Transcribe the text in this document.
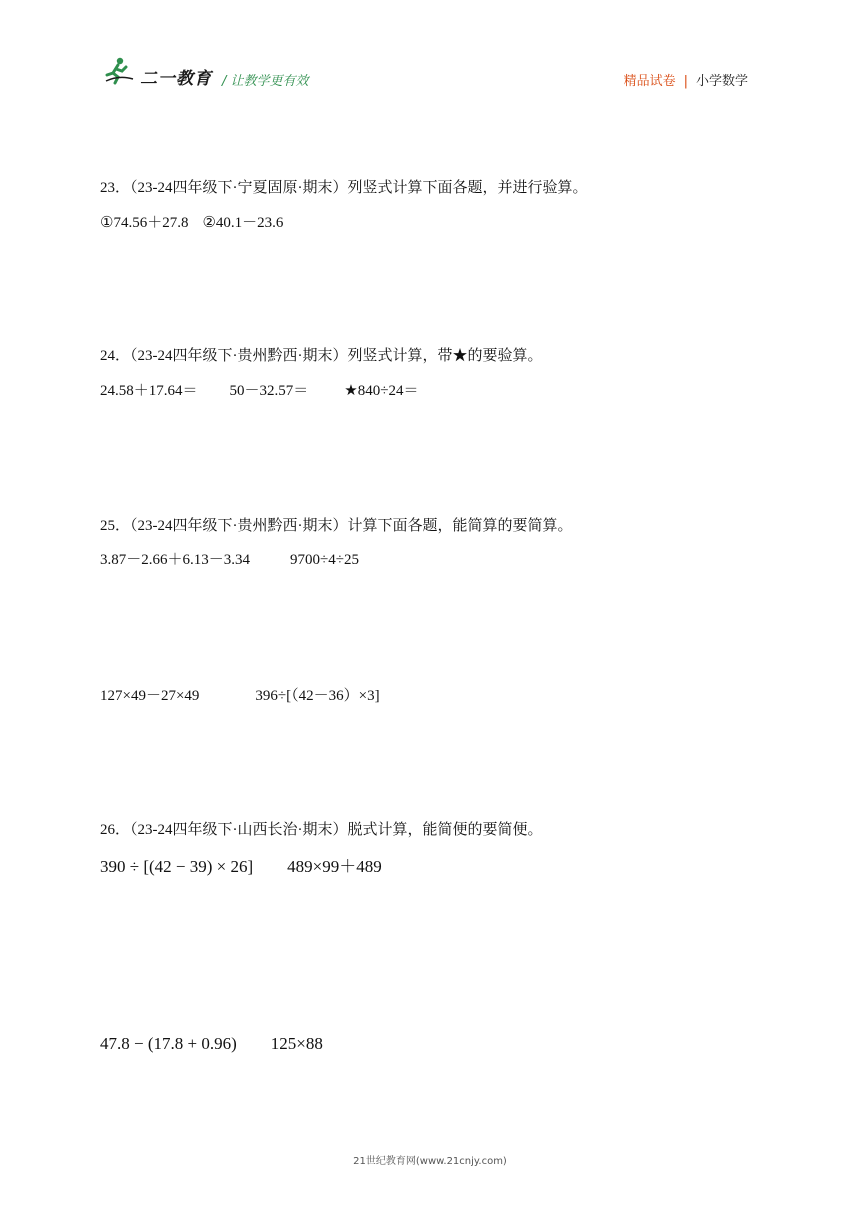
二一教育 / 让教学更有效	精品试卷 | 小学数学
23．（23-24四年级下·宁夏固原·期末）列竖式计算下面各题，并进行验算。
①74.56＋27.8 ②40.1－23.6
24．（23-24四年级下·贵州黔西·期末）列竖式计算，带★的要验算。
24.58＋17.64＝ 50－32.57＝ ★840÷24＝
25．（23-24四年级下·贵州黔西·期末）计算下面各题，能简算的要简算。
3.87－2.66＋6.13－3.34	9700÷4÷25
127×49－27×49	396÷[（42－36）×3]
26．（23-24四年级下·山西长治·期末）脱式计算，能简便的要简便。
390 ÷ [(42 − 39) × 26] 489×99＋489
47.8 − (17.8 + 0.96) 125×88
21世纪教育网(www.21cnjy.com)
